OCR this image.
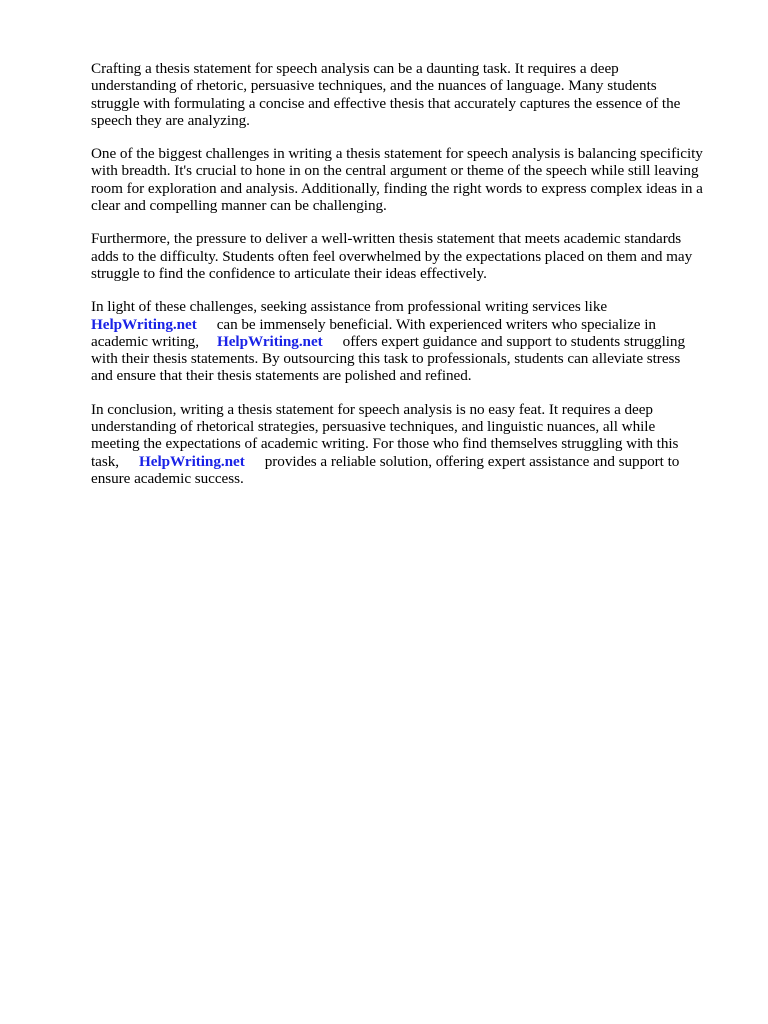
Crafting a thesis statement for speech analysis can be a daunting task. It requires a deep
understanding of rhetoric, persuasive techniques, and the nuances of language. Many students
struggle with formulating a concise and effective thesis that accurately captures the essence of the
speech they are analyzing.

One of the biggest challenges in writing a thesis statement for speech analysis is balancing specificity
with breadth. It's crucial to hone in on the central argument or theme of the speech while still leaving
room for exploration and analysis. Additionally, finding the right words to express complex ideas in a
clear and compelling manner can be challenging.

Furthermore, the pressure to deliver a well-written thesis statement that meets academic standards
adds to the difficulty. Students often feel overwhelmed by the expectations placed on them and may
struggle to find the confidence to articulate their ideas effectively.

In light of these challenges, seeking assistance from professional writing services like
HelpWriting.net can be immensely beneficial. With experienced writers who specialize in
academic writing, HelpWriting.net offers expert guidance and support to students struggling
with their thesis statements. By outsourcing this task to professionals, students can alleviate stress
and ensure that their thesis statements are polished and refined.

In conclusion, writing a thesis statement for speech analysis is no easy feat. It requires a deep
understanding of rhetorical strategies, persuasive techniques, and linguistic nuances, all while
meeting the expectations of academic writing. For those who find themselves struggling with this
task, HelpWriting.net provides a reliable solution, offering expert assistance and support to
ensure academic success.
